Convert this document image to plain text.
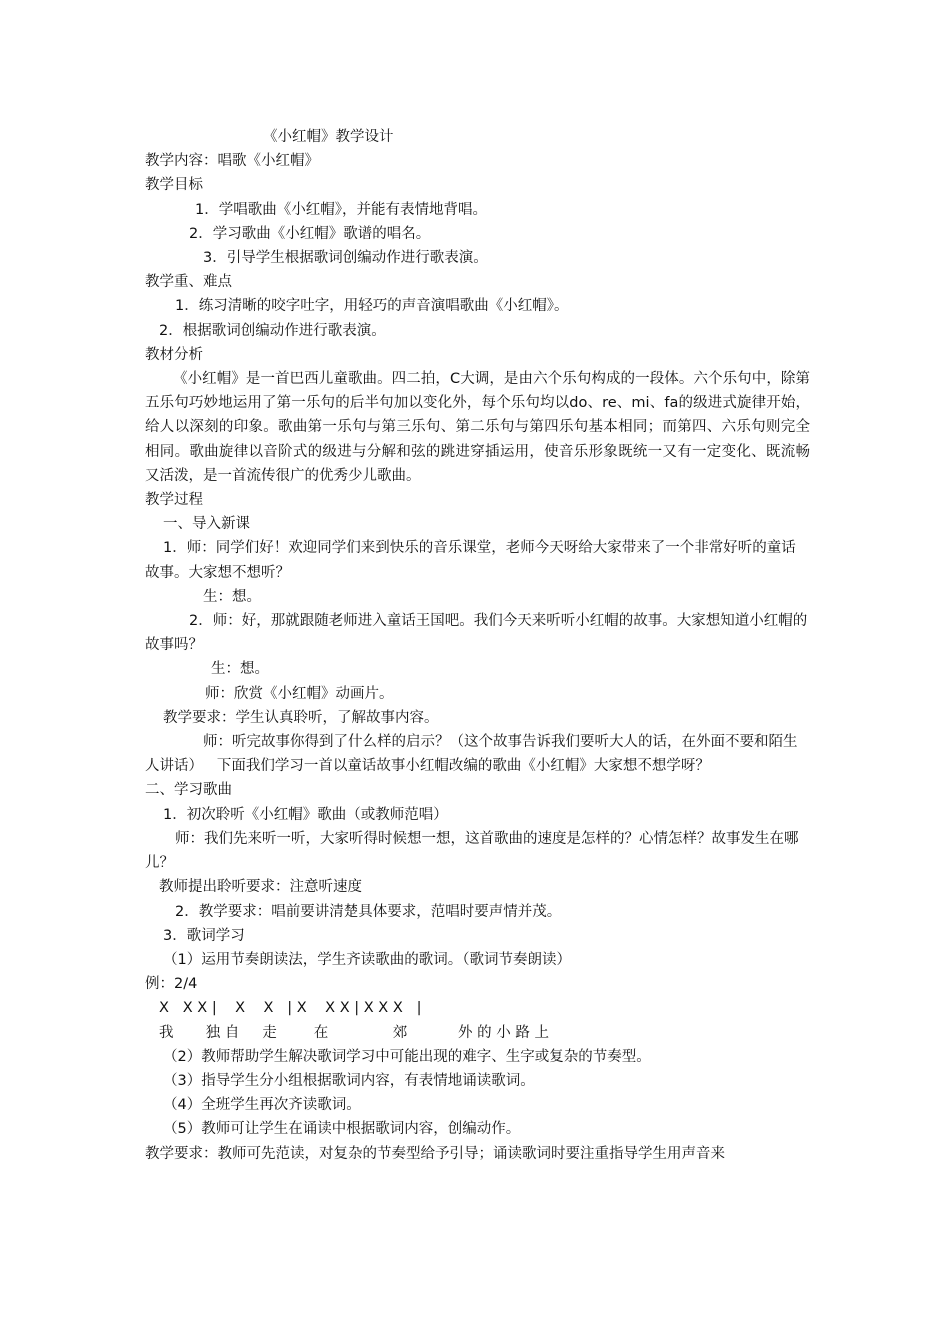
《小红帽》教学设计
教学内容：唱歌《小红帽》
教学目标
1．学唱歌曲《小红帽》，并能有表情地背唱。
2．学习歌曲《小红帽》歌谱的唱名。
3．引导学生根据歌词创编动作进行歌表演。
教学重、难点
1．练习清晰的咬字吐字，用轻巧的声音演唱歌曲《小红帽》。
2．根据歌词创编动作进行歌表演。
教材分析
《小红帽》是一首巴西儿童歌曲。四二拍，C大调，是由六个乐句构成的一段体。六个乐句中，除第五乐句巧妙地运用了第一乐句的后半句加以变化外，每个乐句均以do、re、mi、fa的级进式旋律开始，给人以深刻的印象。歌曲第一乐句与第三乐句、第二乐句与第四乐句基本相同；而第四、六乐句则完全相同。歌曲旋律以音阶式的级进与分解和弦的跳进穿插运用，使音乐形象既统一又有一定变化、既流畅又活泼，是一首流传很广的优秀少儿歌曲。
教学过程
一、导入新课
1．师：同学们好！欢迎同学们来到快乐的音乐课堂，老师今天呀给大家带来了一个非常好听的童话故事。大家想不想听？
生：想。
2．师：好，那就跟随老师进入童话王国吧。我们今天来听听小红帽的故事。大家想知道小红帽的故事吗？
生：想。
师：欣赏《小红帽》动画片。
教学要求：学生认真聆听，了解故事内容。
师：听完故事你得到了什么样的启示？（这个故事告诉我们要听大人的话，在外面不要和陌生人讲话）   下面我们学习一首以童话故事小红帽改编的歌曲《小红帽》大家想不想学呀？
二、学习歌曲
1．初次聆听《小红帽》歌曲（或教师范唱）
师：我们先来听一听，大家听得时候想一想，这首歌曲的速度是怎样的？心情怎样？故事发生在哪儿？
教师提出聆听要求：注意听速度
2．教学要求：唱前要讲清楚具体要求，范唱时要声情并茂。
3．歌词学习
（1）运用节奏朗读法，学生齐读歌曲的歌词。（歌词节奏朗读）
例：2/4
X   X X |    X    X   | X    X X | X X X   |
我       独 自     走        在              郊           外 的 小 路 上
（2）教师帮助学生解决歌词学习中可能出现的难字、生字或复杂的节奏型。
（3）指导学生分小组根据歌词内容，有表情地诵读歌词。
（4）全班学生再次齐读歌词。
（5）教师可让学生在诵读中根据歌词内容，创编动作。
教学要求：教师可先范读，对复杂的节奏型给予引导；诵读歌词时要注重指导学生用声音来
